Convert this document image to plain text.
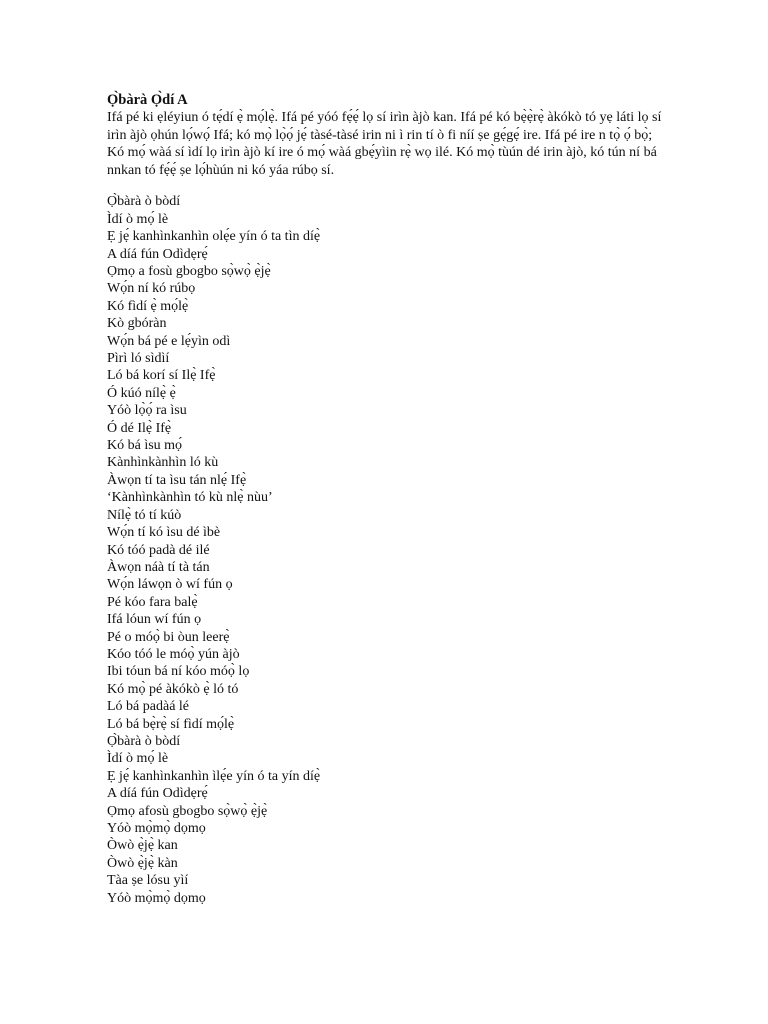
Ọ̀bàrà Ọ̀dí A

Ifá pé ki ẹléyiun ó tẹ́dí ẹ̀ mọ́lẹ̀. Ifá pé yóó fẹ́ẹ́ lọ sí irìn àjò kan. Ifá pé kó bẹ̀ẹ̀rẹ̀ àkókò tó yẹ láti lọ sí irìn àjò ọhún lọ́wọ́ Ifá; kó mọ̀ lọ̀ọ́ jẹ́ tàsé-tàsé irin ni ì rin tí ò fi níí ṣe gẹ́gẹ́ ire. Ifá pé ire n tọ̀ ọ́ bọ̀; Kó mọ́ wàá sí ìdí lọ irìn àjò kí ire ó mọ́ wàá gbẹ́yìin rẹ̀ wọ ilé. Kó mọ̀ tùún dé irin àjò, kó tún ní bá nnkan tó fẹ́ẹ́ ṣe lọ́hùún ni kó yáa rúbọ sí.

Ọ̀bàrà ò bòdí
Ìdí ò mọ́ lè
Ẹ jẹ́ kanhìnkanhìn olẹ́e yín ó ta tìn díẹ̀
A díá fún Odìdẹrẹ́
Ọmọ a fosù gbogbo sọ̀wọ̀ ẹ̀jẹ̀
Wọ́n ní kó rúbọ
Kó fìdí ẹ̀ mọ́lẹ̀
Kò gbóràn
Wọ́n bá pé e lẹ́yìn odì
Pìrì ló sìdìí
Ló bá korí sí Ilẹ̀ Ifẹ̀
Ó kúó nílẹ̀ ẹ̀
Yóò lọ̀ọ́ ra ìsu
Ó dé Ilẹ̀ Ifẹ̀
Kó bá ìsu mọ́
Kànhìnkànhìn ló kù
Àwọn tí ta ìsu tán nlẹ́ Ifẹ̀
‘Kànhìnkànhìn tó kù nlẹ̀ nùu’
Nílẹ̀ tó tí kúò
Wọ́n tí kó ìsu dé ìbè
Kó tóó padà dé ilé
Àwọn náà tí tà tán
Wọ́n láwọn ò wí fún ọ
Pé kóo fara balẹ̀
Ifá lóun wí fún ọ
Pé o móọ̀ bi òun leerẹ̀
Kóo tóó le móọ̀ yún àjò
Ibi tóun bá ní kóo móọ̀ lọ
Kó mọ̀ pé àkókò ẹ̀ ló tó
Ló bá padàá lé
Ló bá bẹ̀rẹ̀ sí fìdí mọ́lẹ̀
Ọ̀bàrà ò bòdí
Ìdí ò mọ́ lè
Ẹ jẹ́ kanhìnkanhìn ìlẹ́e yín ó ta yín díẹ̀
A díá fún Odìdẹrẹ́
Ọmọ afosù gbogbo sọ̀wọ̀ ẹ̀jẹ̀
Yóò mọ̀mọ̀ dọmọ
Òwò ẹ̀jẹ̀ kan
Òwò ẹ̀jẹ̀ kàn
Tàa ṣe lósu yìí
Yóò mọ̀mọ̀ dọmọ
